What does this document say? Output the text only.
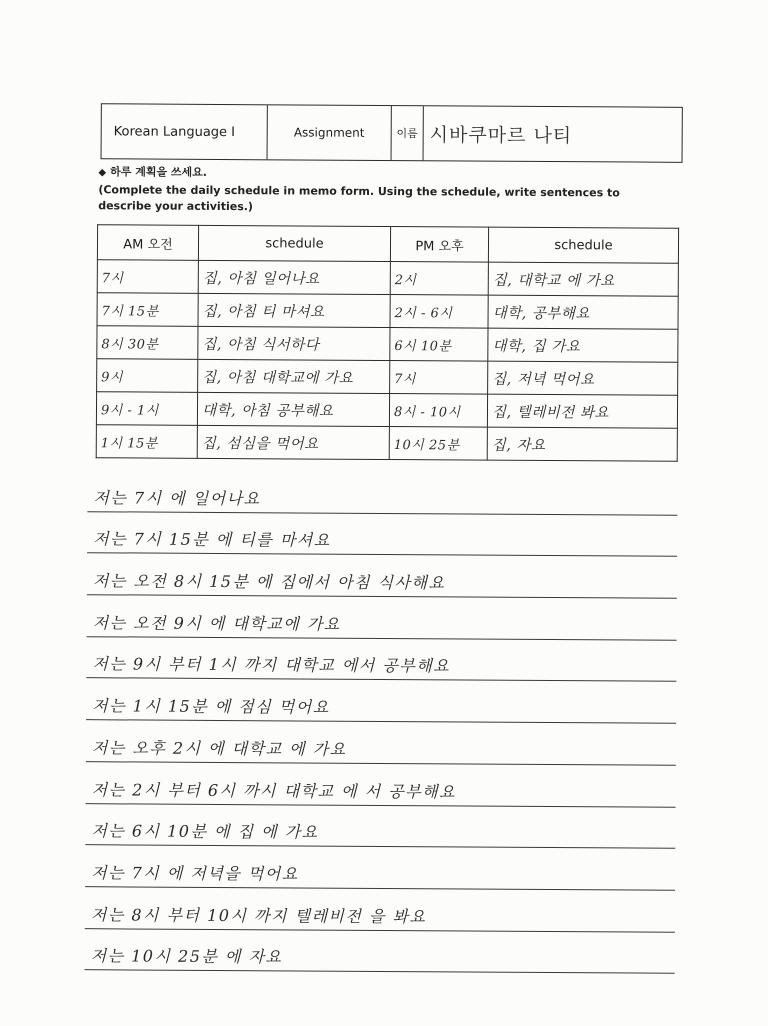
Korean Language Ⅰ	Assignment	이름 시바쿠마르 나티
◆ 하루 계획을 쓰세요.
(Complete the daily schedule in memo form. Using the schedule, write sentences to describe your activities.)
AM 오전	schedule	PM 오후	schedule
7시	집, 아침 일어나요	2시	집, 대학교 에 가요
7시 15분	집, 아침 티 마셔요	2시 - 6시	대학, 공부해요
8시 30분	집, 아침 식서하다	6시 10분	대학, 집 가요
9시	집, 아침 대학교에 가요	7시	집, 저녁 먹어요
9시 - 1시	대학, 아침 공부해요	8시 - 10시	집, 텔레비전 봐요
1시 15분	집, 섬심을 먹어요	10시 25분	집, 자요
저는 7시 에 일어나요
저는 7시 15분 에 티를 마셔요
저는 오전 8시 15분 에 집에서 아침 식사해요
저는 오전 9시 에 대학교에 가요
저는 9시 부터 1시 까지 대학교 에서 공부해요
저는 1시 15분 에 점심 먹어요
저는 오후 2시 에 대학교 에 가요
저는 2시 부터 6시 까시 대학교 에 서 공부해요
저는 6시 10분 에 집 에 가요
저는 7시 에 저녁을 먹어요
저는 8시 부터 10시 까지 텔레비전 을 봐요
저는 10시 25분 에 자요
